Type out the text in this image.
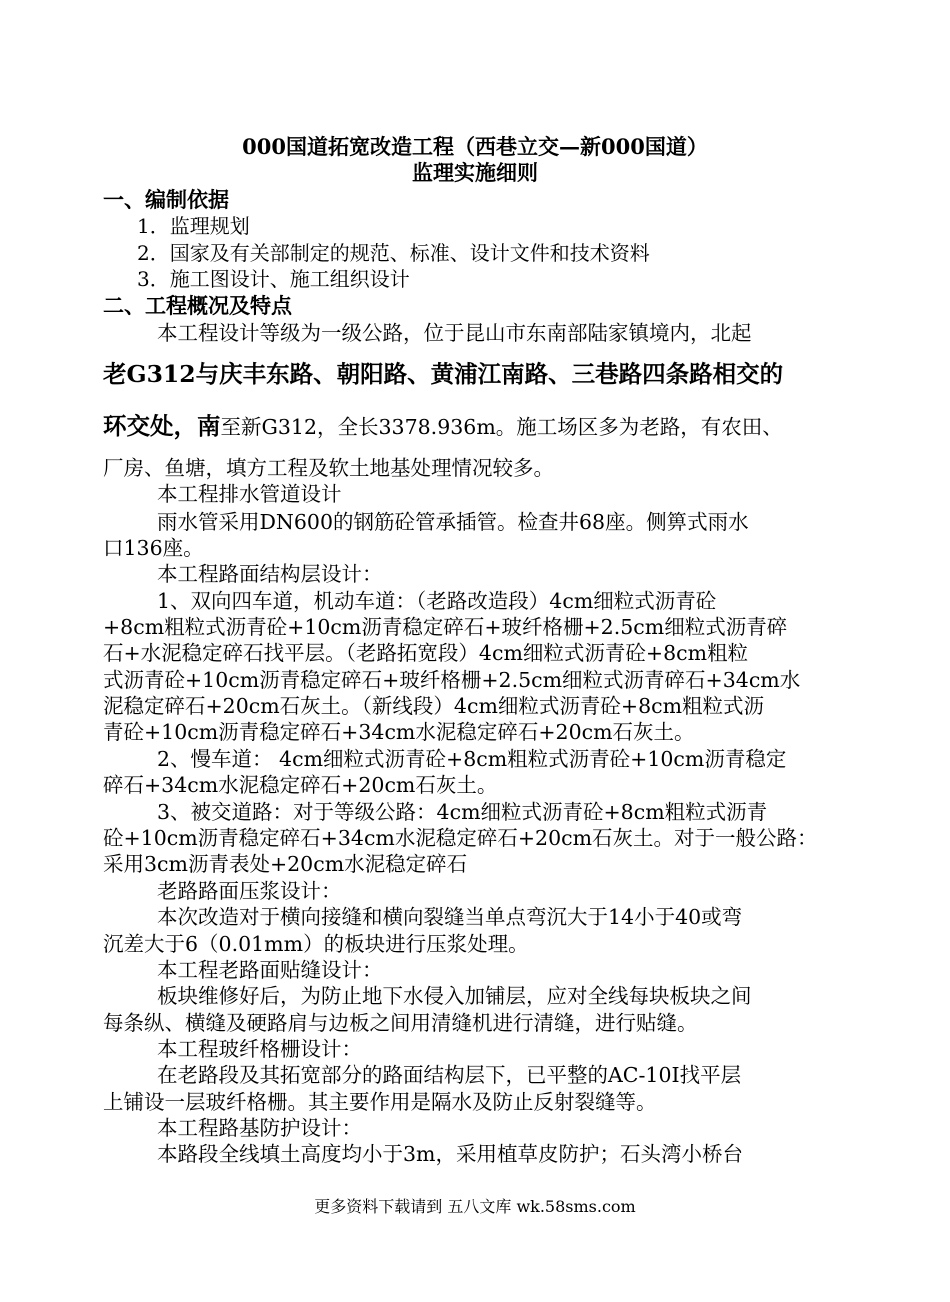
000国道拓宽改造工程（西巷立交—新000国道）
监理实施细则
一、编制依据
1．监理规划
2．国家及有关部制定的规范、标准、设计文件和技术资料
3．施工图设计、施工组织设计
二、工程概况及特点
本工程设计等级为一级公路，位于昆山市东南部陆家镇境内，北起
老G312与庆丰东路、朝阳路、黄浦江南路、三巷路四条路相交的
环交处，南至新G312，全长3378.936m。施工场区多为老路，有农田、
厂房、鱼塘，填方工程及软土地基处理情况较多。
本工程排水管道设计
雨水管采用DN600的钢筋砼管承插管。检查井68座。侧箅式雨水
口136座。
本工程路面结构层设计：
1、双向四车道，机动车道：（老路改造段）4cm细粒式沥青砼
+8cm粗粒式沥青砼+10cm沥青稳定碎石+玻纤格栅+2.5cm细粒式沥青碎
石+水泥稳定碎石找平层。（老路拓宽段）4cm细粒式沥青砼+8cm粗粒
式沥青砼+10cm沥青稳定碎石+玻纤格栅+2.5cm细粒式沥青碎石+34cm水
泥稳定碎石+20cm石灰土。（新线段）4cm细粒式沥青砼+8cm粗粒式沥
青砼+10cm沥青稳定碎石+34cm水泥稳定碎石+20cm石灰土。
2、慢车道： 4cm细粒式沥青砼+8cm粗粒式沥青砼+10cm沥青稳定
碎石+34cm水泥稳定碎石+20cm石灰土。
3、被交道路：对于等级公路：4cm细粒式沥青砼+8cm粗粒式沥青
砼+10cm沥青稳定碎石+34cm水泥稳定碎石+20cm石灰土。对于一般公路：
采用3cm沥青表处+20cm水泥稳定碎石
老路路面压浆设计：
本次改造对于横向接缝和横向裂缝当单点弯沉大于14小于40或弯
沉差大于6（0.01mm）的板块进行压浆处理。
本工程老路面贴缝设计：
板块维修好后，为防止地下水侵入加铺层，应对全线每块板块之间
每条纵、横缝及硬路肩与边板之间用清缝机进行清缝，进行贴缝。
本工程玻纤格栅设计：
在老路段及其拓宽部分的路面结构层下，已平整的AC-10Ⅰ找平层
上铺设一层玻纤格栅。其主要作用是隔水及防止反射裂缝等。
本工程路基防护设计：
本路段全线填土高度均小于3m，采用植草皮防护；石头湾小桥台
更多资料下载请到 五八文库 wk.58sms.com
